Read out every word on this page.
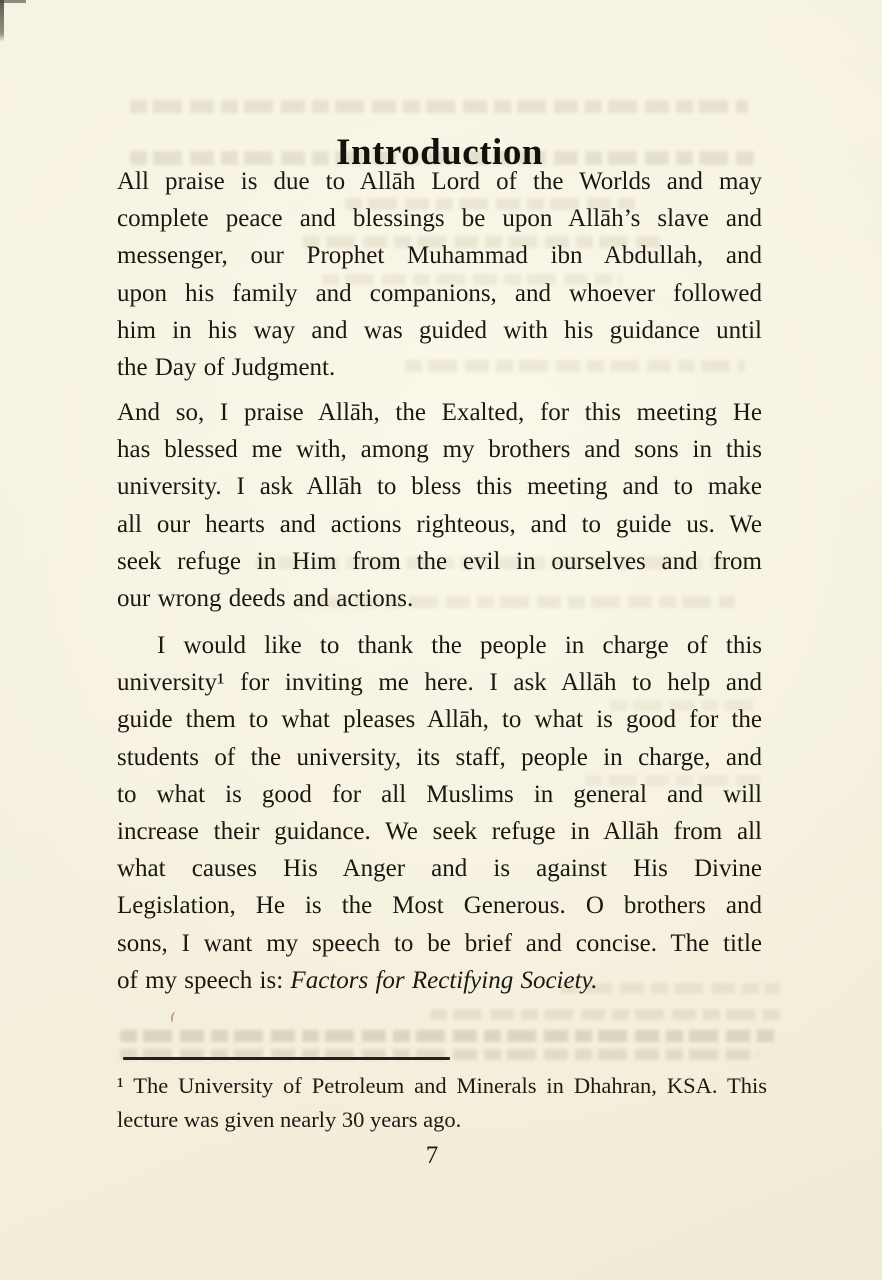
Introduction
All praise is due to Allāh Lord of the Worlds and may
complete peace and blessings be upon Allāh’s slave and
messenger, our Prophet Muhammad ibn Abdullah, and
upon his family and companions, and whoever followed
him in his way and was guided with his guidance until
the Day of Judgment.
And so, I praise Allāh, the Exalted, for this meeting He
has blessed me with, among my brothers and sons in this
university. I ask Allāh to bless this meeting and to make
all our hearts and actions righteous, and to guide us. We
seek refuge in Him from the evil in ourselves and from
our wrong deeds and actions.
I would like to thank the people in charge of this
university¹ for inviting me here. I ask Allāh to help and
guide them to what pleases Allāh, to what is good for the
students of the university, its staff, people in charge, and
to what is good for all Muslims in general and will
increase their guidance. We seek refuge in Allāh from all
what causes His Anger and is against His Divine
Legislation, He is the Most Generous. O brothers and
sons, I want my speech to be brief and concise. The title
of my speech is: Factors for Rectifying Society.
¹ The University of Petroleum and Minerals in Dhahran, KSA. This
lecture was given nearly 30 years ago.
7
